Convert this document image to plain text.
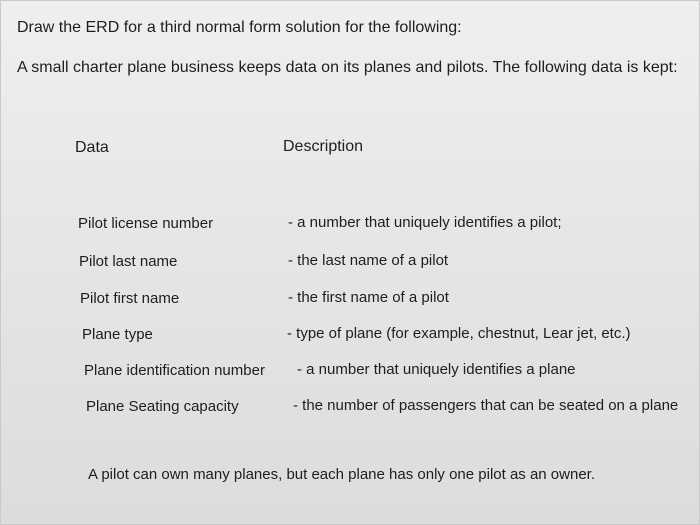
Draw the ERD for a third normal form solution for the following:
A small charter plane business keeps data on its planes and pilots. The following data is kept:
Data	Description
Pilot license number	- a number that uniquely identifies a pilot;
Pilot last name	- the last name of a pilot
Pilot first name	- the first name of a pilot
Plane type	- type of plane (for example, chestnut, Lear jet, etc.)
Plane identification number - a number that uniquely identifies a plane
Plane Seating capacity	- the number of passengers that can be seated on a plane
A pilot can own many planes, but each plane has only one pilot as an owner.
